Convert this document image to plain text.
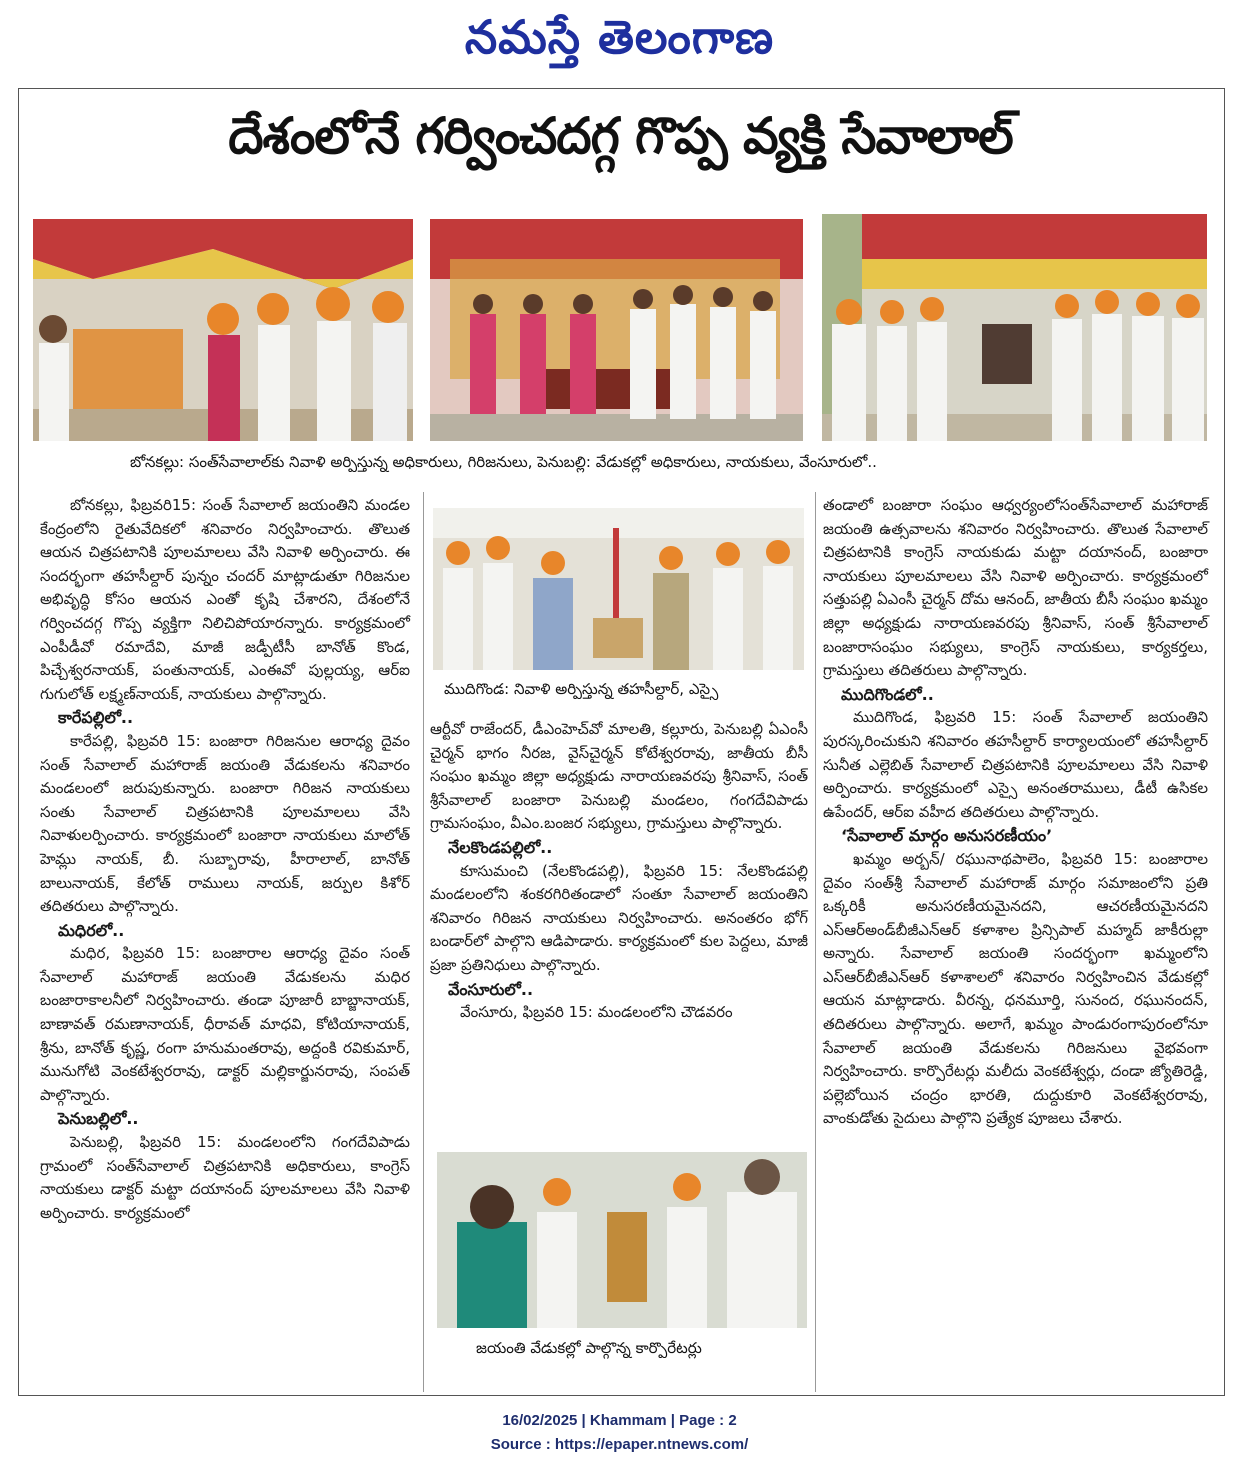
నమస్తే తెలంగాణ
దేశంలోనే గర్వించదగ్గ గొప్ప వ్యక్తి సేవాలాల్
బోనకల్లు: సంత్‌సేవాలాల్‌కు నివాళి అర్పిస్తున్న అధికారులు, గిరిజనులు, పెనుబల్లి: వేడుకల్లో అధికారులు, నాయకులు, వేంసూరులో..

బోనకల్లు, ఫిబ్రవరి15: సంత్ సేవాలాల్ జయంతిని మండల కేంద్రంలోని రైతువేదికలో శనివారం నిర్వహించారు. తొలుత ఆయన చిత్రపటానికి పూలమాలలు వేసి నివాళి అర్పించారు. ఈ సందర్భంగా తహసీల్దార్ పున్నం చందర్ మాట్లాడుతూ గిరిజనుల అభివృద్ధి కోసం ఆయన ఎంతో కృషి చేశారని, దేశంలోనే గర్వించదగ్గ గొప్ప వ్యక్తిగా నిలిచిపోయారన్నారు. కార్యక్రమంలో ఎంపీడీవో రమాదేవి, మాజీ జడ్పీటీసీ బానోత్ కొండ, పిచ్చేశ్వరనాయక్, పంతునాయక్, ఎంఈవో పుల్లయ్య, ఆర్ఐ గుగులోత్ లక్ష్మణ్‌నాయక్, నాయకులు పాల్గొన్నారు.

కారేపల్లిలో..

కారేపల్లి, ఫిబ్రవరి 15: బంజారా గిరిజనుల ఆరాధ్య దైవం సంత్ సేవాలాల్ మహారాజ్ జయంతి వేడుకలను శనివారం మండలంలో జరుపుకున్నారు. బంజారా గిరిజన నాయకులు సంతు సేవాలాల్ చిత్రపటానికి పూలమాలలు వేసి నివాళులర్పించారు. కార్యక్రమంలో బంజారా నాయకులు మాలోత్ హెమ్లు నాయక్, బీ. సుబ్బారావు, హీరాలాల్, బానోత్ బాలునాయక్, కేలోత్ రాములు నాయక్, జర్పుల కిశోర్ తదితరులు పాల్గొన్నారు.

మధిరలో..

మధిర, ఫిబ్రవరి 15: బంజారాల ఆరాధ్య దైవం సంత్ సేవాలాల్ మహారాజ్ జయంతి వేడుకలను మధిర బంజారాకాలనీలో నిర్వహించారు. తండా పూజారీ బాబ్జానాయక్, బాణావత్ రమణానాయక్, ధీరావత్ మాధవి, కోటియానాయక్, శ్రీను, బానోత్ కృష్ణ, రంగా హనుమంతరావు, అద్దంకి రవికుమార్, మునుగోటి వెంకటేశ్వరరావు, డాక్టర్ మల్లికార్జునరావు, సంపత్ పాల్గొన్నారు.

పెనుబల్లిలో..

పెనుబల్లి, ఫిబ్రవరి 15: మండలంలోని గంగదేవిపాడు గ్రామంలో సంత్‌సేవాలాల్ చిత్రపటానికి అధికారులు, కాంగ్రెస్ నాయకులు డాక్టర్ మట్టా దయానంద్ పూలమాలలు వేసి నివాళి అర్పించారు. కార్యక్రమంలో

ముదిగొండ: నివాళి అర్పిస్తున్న తహసీల్దార్, ఎస్సై

ఆర్టీవో రాజేందర్, డీఎంహెచ్‌వో మాలతి, కల్లూరు, పెనుబల్లి ఏఎంసీ చైర్మన్ భాగం నీరజ, వైస్‌చైర్మన్ కోటేశ్వరరావు, జాతీయ బీసీ సంఘం ఖమ్మం జిల్లా అధ్యక్షుడు నారాయణవరపు శ్రీనివాస్, సంత్ శ్రీసేవాలాల్ బంజారా పెనుబల్లి మండలం, గంగదేవిపాడు గ్రామసంఘం, వీఎం.బంజర సభ్యులు, గ్రామస్తులు పాల్గొన్నారు.

నేలకొండపల్లిలో..

కూసుమంచి (నేలకొండపల్లి), ఫిబ్రవరి 15: నేలకొండపల్లి మండలంలోని శంకరగిరితండాలో సంతూ సేవాలాల్ జయంతిని శనివారం గిరిజన నాయకులు నిర్వహించారు. అనంతరం భోగ్ బండార్‌లో పాల్గొని ఆడిపాడారు. కార్యక్రమంలో కుల పెద్దలు, మాజీ ప్రజా ప్రతినిధులు పాల్గొన్నారు.

వేంసూరులో..

వేంసూరు, ఫిబ్రవరి 15: మండలంలోని చౌడవరం

జయంతి వేడుకల్లో పాల్గొన్న కార్పొరేటర్లు

తండాలో బంజారా సంఘం ఆధ్వర్యంలోసంత్‌సేవాలాల్ మహారాజ్ జయంతి ఉత్సవాలను శనివారం నిర్వహించారు. తొలుత సేవాలాల్ చిత్రపటానికి కాంగ్రెస్ నాయకుడు మట్టా దయానంద్, బంజారా నాయకులు పూలమాలలు వేసి నివాళి అర్పించారు. కార్యక్రమంలో సత్తుపల్లి ఏఎంసీ చైర్మన్ దోమ ఆనంద్, జాతీయ బీసీ సంఘం ఖమ్మం జిల్లా అధ్యక్షుడు నారాయణవరపు శ్రీనివాస్, సంత్ శ్రీసేవాలాల్ బంజారాసంఘం సభ్యులు, కాంగ్రెస్ నాయకులు, కార్యకర్తలు, గ్రామస్తులు తదితరులు పాల్గొన్నారు.

ముదిగొండలో..

ముదిగొండ, ఫిబ్రవరి 15: సంత్ సేవాలాల్ జయంతిని పురస్కరించుకుని శనివారం తహసీల్దార్ కార్యాలయంలో తహసీల్దార్ సునీత ఎల్లెబిత్ సేవాలాల్ చిత్రపటానికి పూలమాలలు వేసి నివాళి అర్పించారు. కార్యక్రమంలో ఎస్సై అనంతరాములు, డీటీ ఉసికల ఉపేందర్, ఆర్ఐ వహీద తదితరులు పాల్గొన్నారు.

‘సేవాలాల్ మార్గం అనుసరణీయం’

ఖమ్మం అర్బన్/ రఘునాథపాలెం, ఫిబ్రవరి 15: బంజారాల దైవం సంత్‌శ్రీ సేవాలాల్ మహారాజ్ మార్గం సమాజంలోని ప్రతి ఒక్కరికీ అనుసరణీయమైనదని, ఆచరణీయమైనదని ఎస్ఆర్అండ్‌బీజీఎన్ఆర్ కళాశాల ప్రిన్సిపాల్ మహ్మద్ జాకీరుల్లా అన్నారు. సేవాలాల్ జయంతి సందర్భంగా ఖమ్మంలోని ఎస్ఆర్‌బీజీఎన్ఆర్ కళాశాలలో శనివారం నిర్వహించిన వేడుకల్లో ఆయన మాట్లాడారు. వీరన్న, ధనమూర్తి, సునంద, రఘునందన్, తదితరులు పాల్గొన్నారు. అలాగే, ఖమ్మం పాండురంగాపురంలోనూ సేవాలాల్ జయంతి వేడుకలను గిరిజనులు వైభవంగా నిర్వహించారు. కార్పొరేటర్లు మలీదు వెంకటేశ్వర్లు, దండా జ్యోతిరెడ్డి, పల్లెబోయిన చంద్రం భారతి, దుద్దుకూరి వెంకటేశ్వరరావు, వాంకుడోతు సైదులు పాల్గొని ప్రత్యేక పూజలు చేశారు.

16/02/2025 | Khammam | Page : 2
Source : https://epaper.ntnews.com/
